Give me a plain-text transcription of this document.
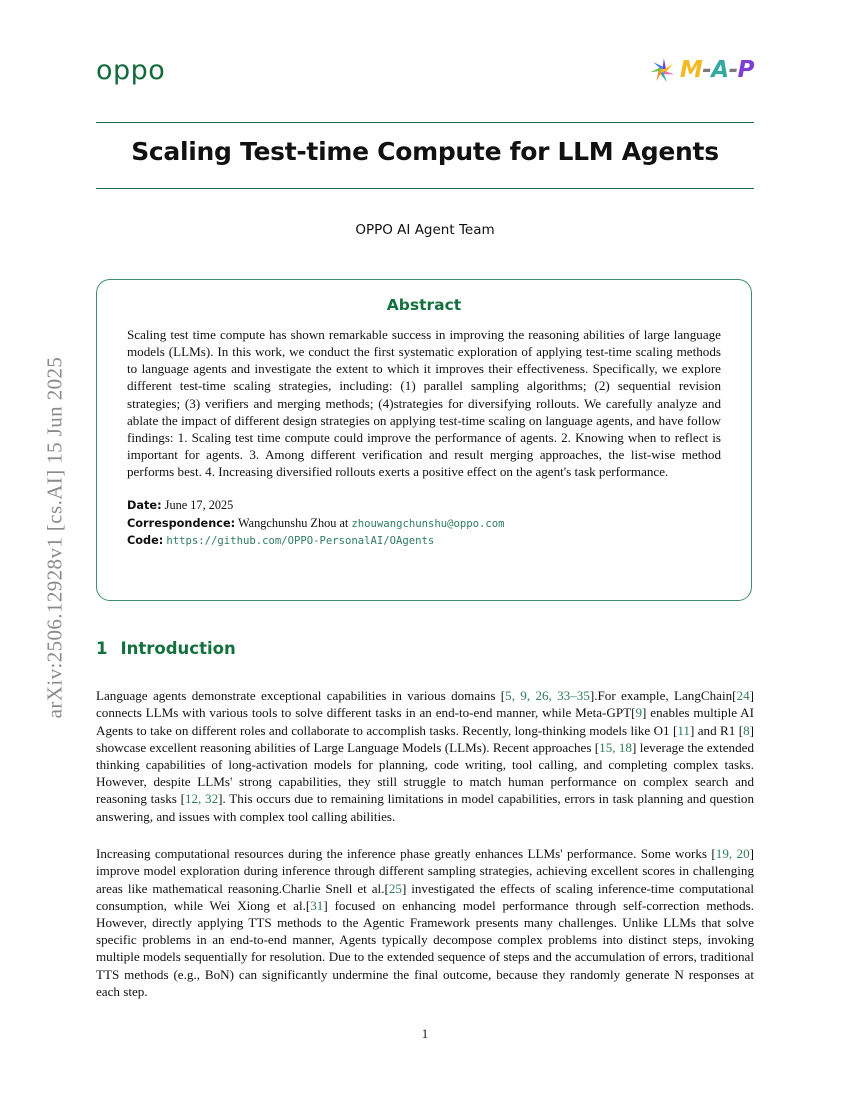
arXiv:2506.12928v1 [cs.AI] 15 Jun 2025
oppo	M-A-P
Scaling Test-time Compute for LLM Agents
OPPO AI Agent Team
Abstract
Scaling test time compute has shown remarkable success in improving the reasoning abilities of large language models (LLMs). In this work, we conduct the first systematic exploration of applying test-time scaling methods to language agents and investigate the extent to which it improves their effectiveness. Specifically, we explore different test-time scaling strategies, including: (1) parallel sampling algorithms; (2) sequential revision strategies; (3) verifiers and merging methods; (4)strategies for diversifying rollouts. We carefully analyze and ablate the impact of different design strategies on applying test-time scaling on language agents, and have follow findings: 1. Scaling test time compute could improve the performance of agents. 2. Knowing when to reflect is important for agents. 3. Among different verification and result merging approaches, the list-wise method performs best. 4. Increasing diversified rollouts exerts a positive effect on the agent's task performance.
Date: June 17, 2025
Correspondence: Wangchunshu Zhou at zhouwangchunshu@oppo.com
Code: https://github.com/OPPO-PersonalAI/OAgents
1 Introduction

Language agents demonstrate exceptional capabilities in various domains [5, 9, 26, 33–35].For example, LangChain[24] connects LLMs with various tools to solve different tasks in an end-to-end manner, while Meta-GPT[9] enables multiple AI Agents to take on different roles and collaborate to accomplish tasks. Recently, long-thinking models like O1 [11] and R1 [8] showcase excellent reasoning abilities of Large Language Models (LLMs). Recent approaches [15, 18] leverage the extended thinking capabilities of long-activation models for planning, code writing, tool calling, and completing complex tasks. However, despite LLMs' strong capabilities, they still struggle to match human performance on complex search and reasoning tasks [12, 32]. This occurs due to remaining limitations in model capabilities, errors in task planning and question answering, and issues with complex tool calling abilities.

Increasing computational resources during the inference phase greatly enhances LLMs' performance. Some works [19, 20] improve model exploration during inference through different sampling strategies, achieving excellent scores in challenging areas like mathematical reasoning.Charlie Snell et al.[25] investigated the effects of scaling inference-time computational consumption, while Wei Xiong et al.[31] focused on enhancing model performance through self-correction methods. However, directly applying TTS methods to the Agentic Framework presents many challenges. Unlike LLMs that solve specific problems in an end-to-end manner, Agents typically decompose complex problems into distinct steps, invoking multiple models sequentially for resolution. Due to the extended sequence of steps and the accumulation of errors, traditional TTS methods (e.g., BoN) can significantly undermine the final outcome, because they randomly generate N responses at each step.

1
